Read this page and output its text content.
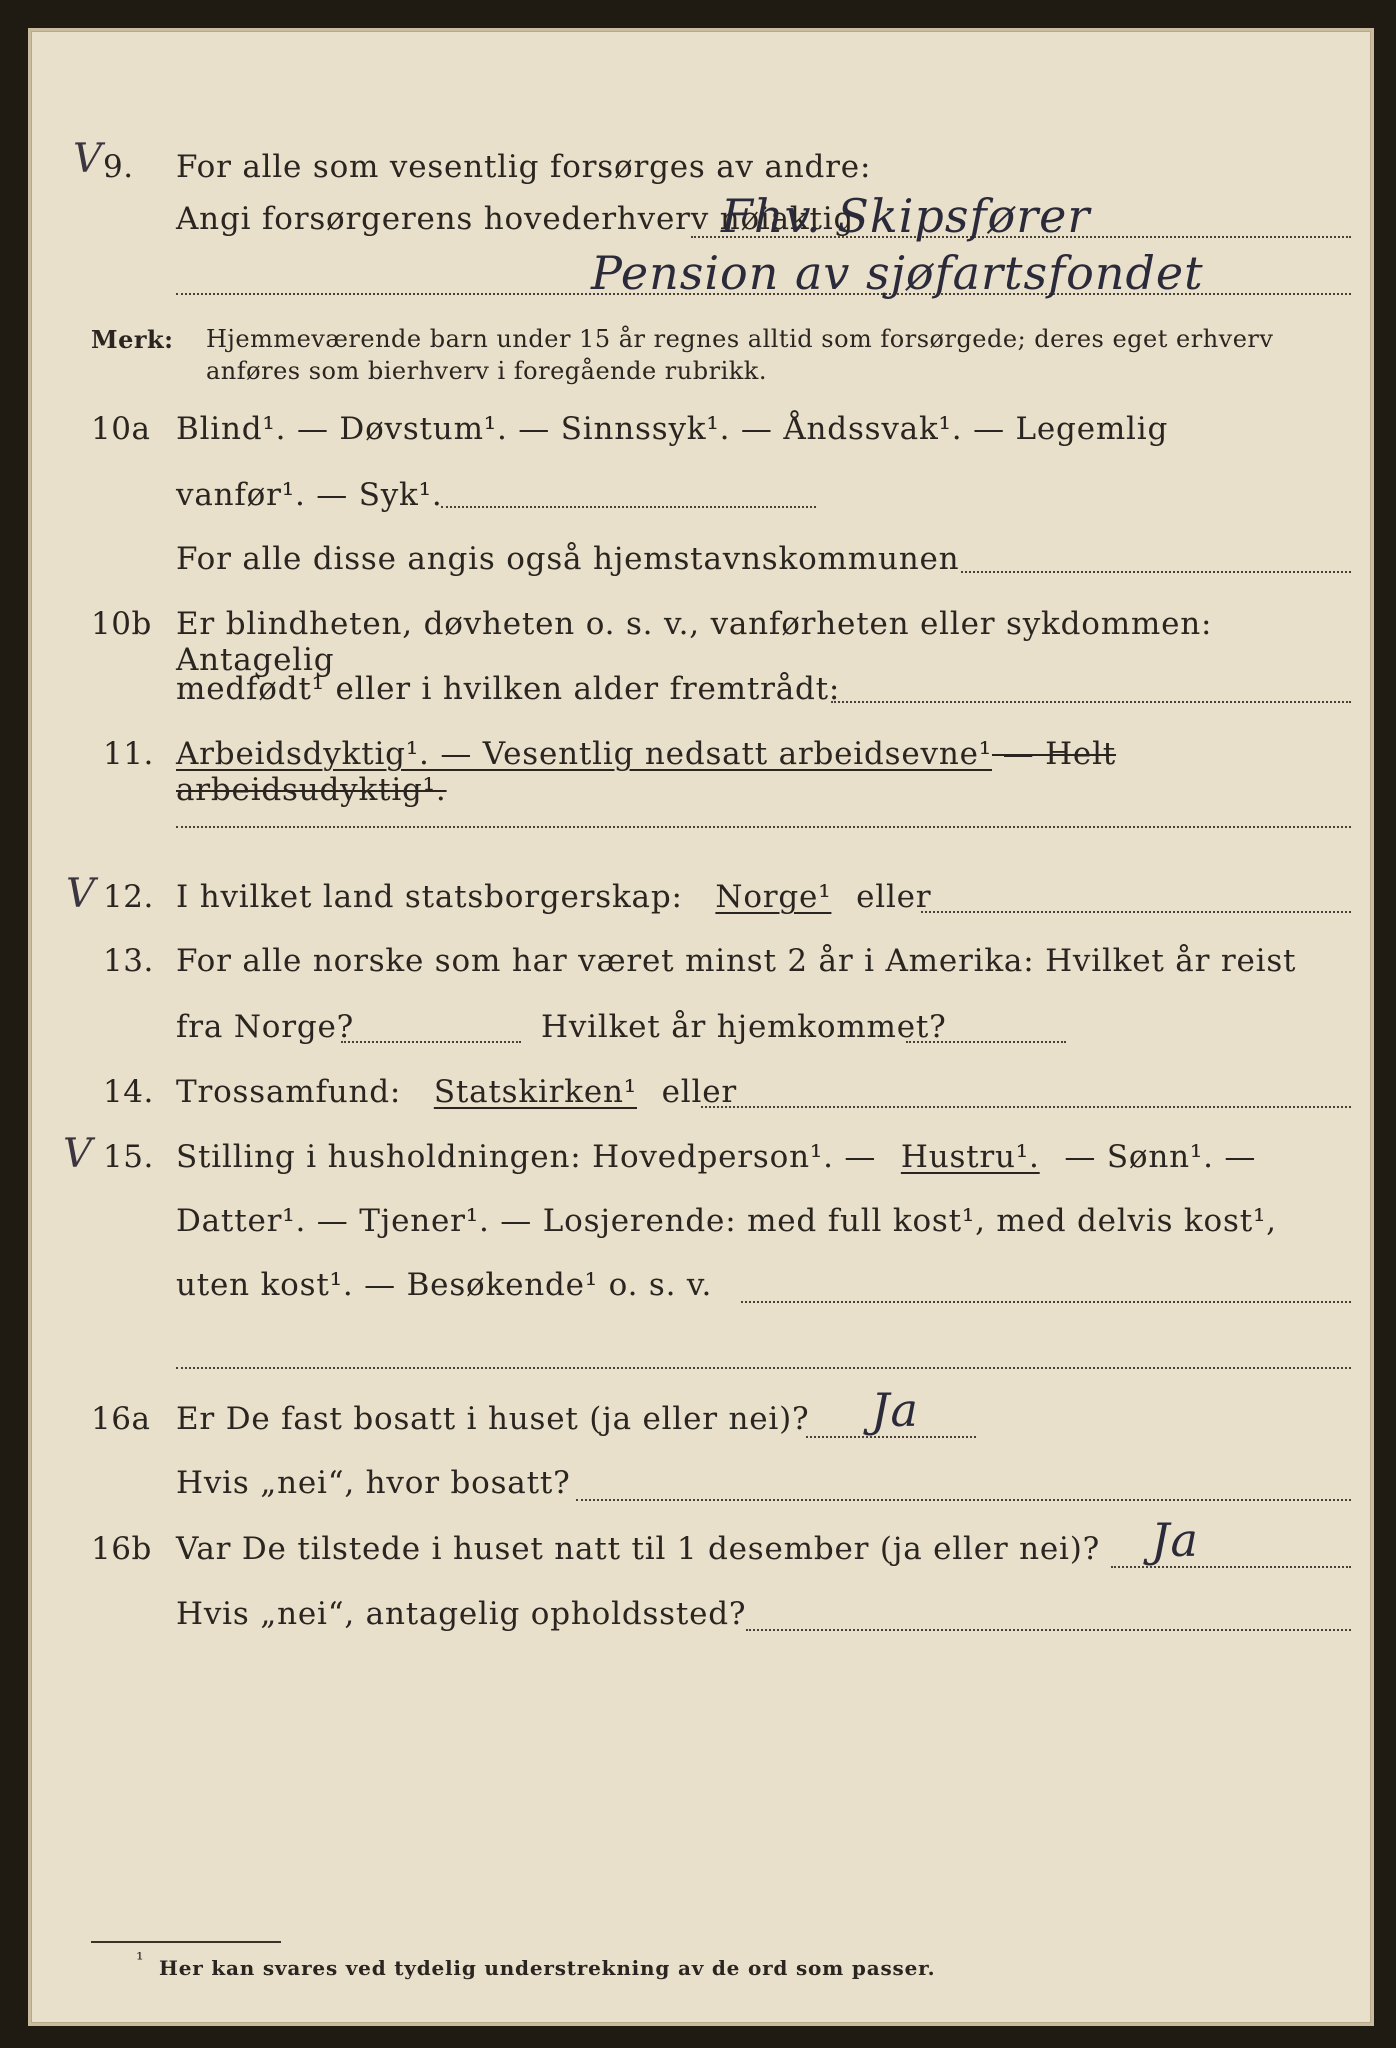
V 9. For alle som vesentlig forsørges av andre:
Angi forsørgerens hovederhverv nøiaktig
Fhv. Skipsfører
Pension av sjøfartsfondet
Merk: Hjemmeværende barn under 15 år regnes alltid som forsørgede; deres eget erhverv
anføres som bierhverv i foregående rubrikk.
10a Blind¹. — Døvstum¹. — Sinnssyk¹. — Åndssvak¹. — Legemlig
vanfør¹. — Syk¹.
For alle disse angis også hjemstavnskommunen
10b Er blindheten, døvheten o. s. v., vanførheten eller sykdommen: Antagelig
medfødt¹ eller i hvilken alder fremtrådt:
11. Arbeidsdyktig¹. — Vesentlig nedsatt arbeidsevne¹ — Helt arbeidsudyktig¹.
V 12. I hvilket land statsborgerskap: Norge¹ eller
13. For alle norske som har været minst 2 år i Amerika: Hvilket år reist
fra Norge?	Hvilket år hjemkommet?
14. Trossamfund: Statskirken¹ eller
V 15. Stilling i husholdningen: Hovedperson¹. — Hustru¹. — Sønn¹. —
Datter¹. — Tjener¹. — Losjerende: med full kost¹, med delvis kost¹,
uten kost¹. — Besøkende¹ o. s. v.
16a Er De fast bosatt i huset (ja eller nei)? Ja
Hvis „nei“, hvor bosatt?
16b Var De tilstede i huset natt til 1 desember (ja eller nei)? Ja
Hvis „nei“, antagelig opholdssted?
¹ Her kan svares ved tydelig understrekning av de ord som passer.
